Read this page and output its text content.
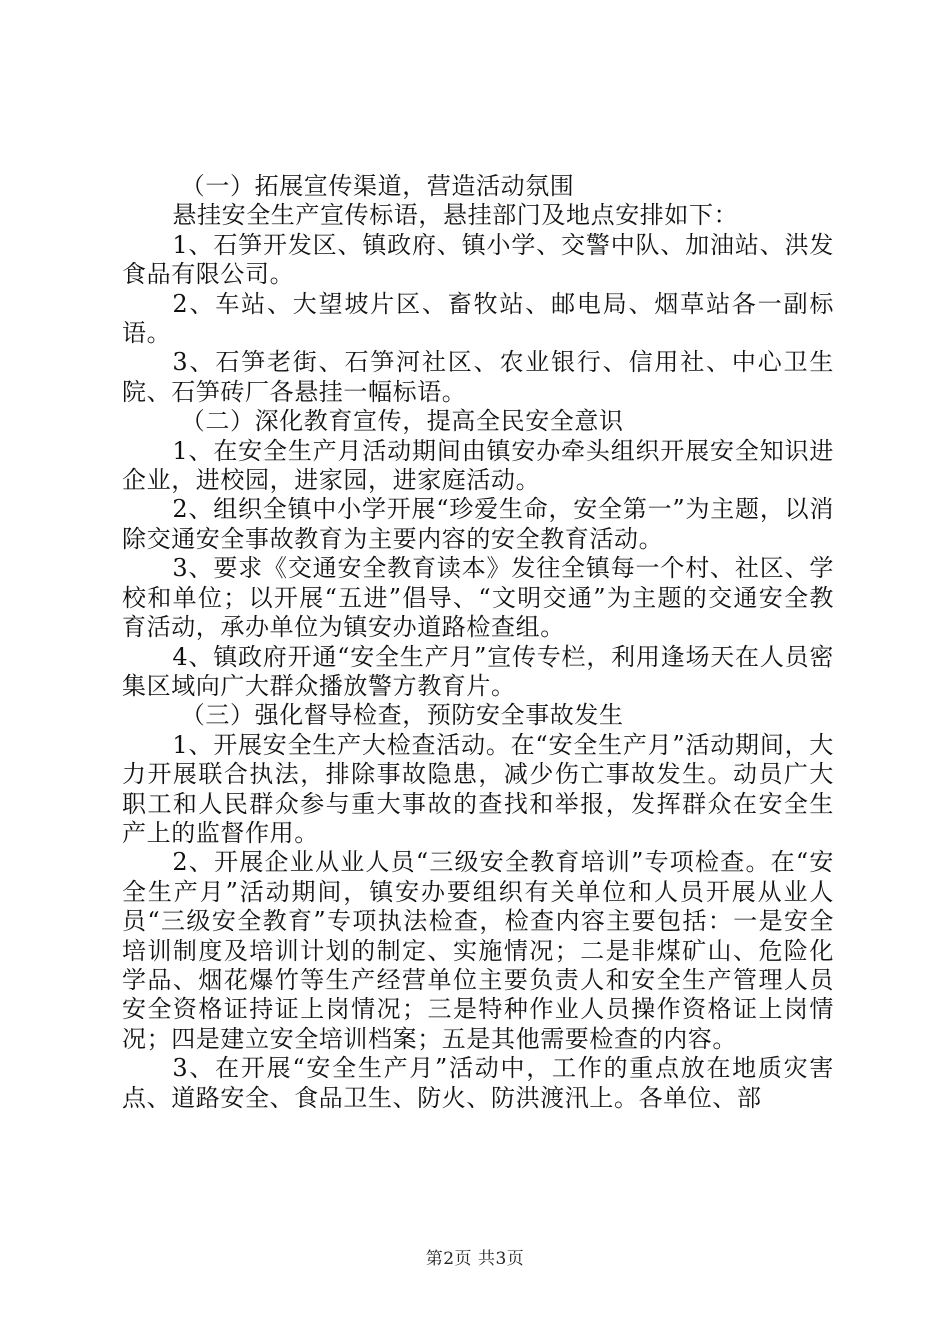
（一）拓展宣传渠道，营造活动氛围

悬挂安全生产宣传标语，悬挂部门及地点安排如下：

1、石笋开发区、镇政府、镇小学、交警中队、加油站、洪发食品有限公司。

2、车站、大望坡片区、畜牧站、邮电局、烟草站各一副标语。

3、石笋老街、石笋河社区、农业银行、信用社、中心卫生院、石笋砖厂各悬挂一幅标语。

（二）深化教育宣传，提高全民安全意识

1、在安全生产月活动期间由镇安办牵头组织开展安全知识进企业，进校园，进家园，进家庭活动。

2、组织全镇中小学开展“珍爱生命，安全第一”为主题，以消除交通安全事故教育为主要内容的安全教育活动。

3、要求《交通安全教育读本》发往全镇每一个村、社区、学校和单位；以开展“五进”倡导、“文明交通”为主题的交通安全教育活动，承办单位为镇安办道路检查组。

4、镇政府开通“安全生产月”宣传专栏，利用逢场天在人员密集区域向广大群众播放警方教育片。

（三）强化督导检查，预防安全事故发生

1、开展安全生产大检查活动。在“安全生产月”活动期间，大力开展联合执法，排除事故隐患，减少伤亡事故发生。动员广大职工和人民群众参与重大事故的查找和举报，发挥群众在安全生产上的监督作用。

2、开展企业从业人员“三级安全教育培训”专项检查。在“安全生产月”活动期间，镇安办要组织有关单位和人员开展从业人员“三级安全教育”专项执法检查，检查内容主要包括：一是安全培训制度及培训计划的制定、实施情况；二是非煤矿山、危险化学品、烟花爆竹等生产经营单位主要负责人和安全生产管理人员安全资格证持证上岗情况；三是特种作业人员操作资格证上岗情况；四是建立安全培训档案；五是其他需要检查的内容。

3、在开展“安全生产月”活动中，工作的重点放在地质灾害点、道路安全、食品卫生、防火、防洪渡汛上。各单位、部

第2页 共3页
